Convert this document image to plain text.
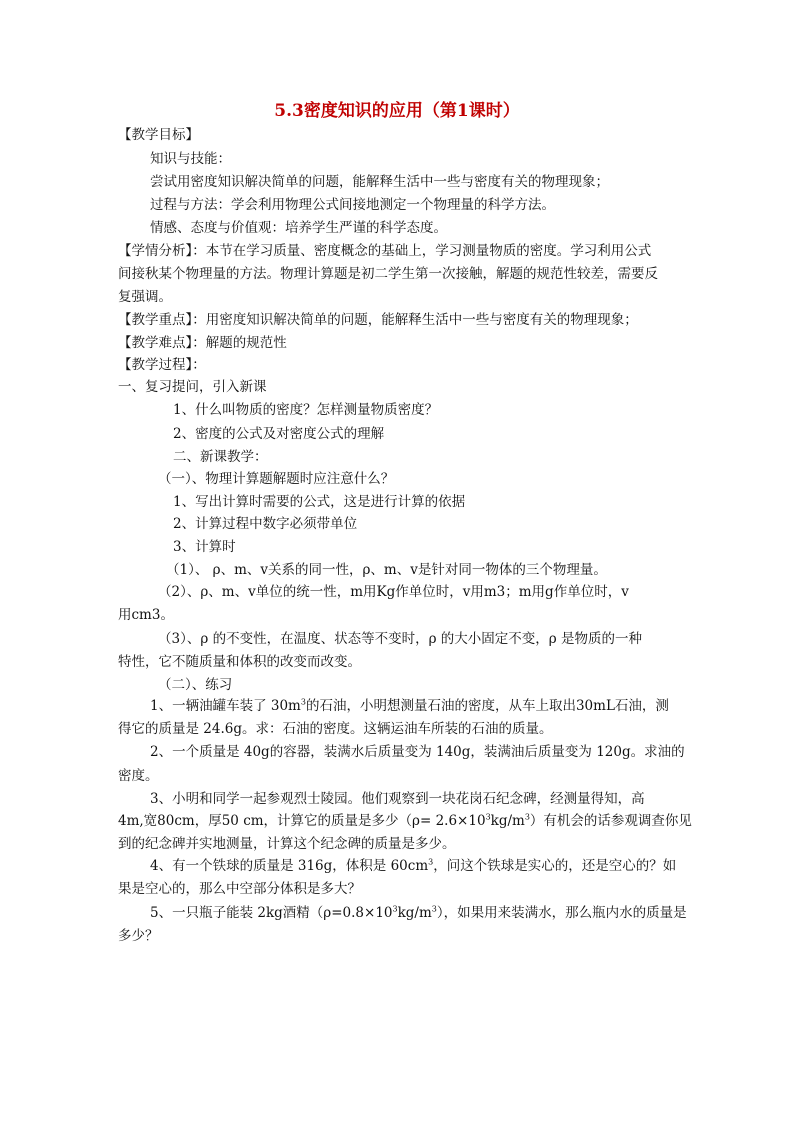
5.3密度知识的应用（第1课时）
【教学目标】
知识与技能：
尝试用密度知识解决简单的问题，能解释生活中一些与密度有关的物理现象；
过程与方法：学会利用物理公式间接地测定一个物理量的科学方法。
情感、态度与价值观：培养学生严谨的科学态度。
【学情分析】：本节在学习质量、密度概念的基础上，学习测量物质的密度。学习利用公式
间接秋某个物理量的方法。物理计算题是初二学生第一次接触，解题的规范性较差，需要反
复强调。
【教学重点】：用密度知识解决简单的问题，能解释生活中一些与密度有关的物理现象；
【教学难点】：解题的规范性
【教学过程】：
一、复习提问，引入新课
1、什么叫物质的密度？怎样测量物质密度？
2、密度的公式及对密度公式的理解
二、新课教学：
（一）、物理计算题解题时应注意什么？
1、写出计算时需要的公式，这是进行计算的依据
2、计算过程中数字必须带单位
3、计算时
（1）、 ρ、m、v关系的同一性，ρ、m、v是针对同一物体的三个物理量。
（2）、ρ、m、v单位的统一性，m用Kg作单位时，v用m3；m用g作单位时，v
用cm3。
（3）、ρ 的不变性，在温度、状态等不变时，ρ 的大小固定不变，ρ 是物质的一种
特性，它不随质量和体积的改变而改变。
（二）、练习
1、一辆油罐车装了 $30m^3$的石油，小明想测量石油的密度，从车上取出30mL石油，测
得它的质量是 24.6g。求：石油的密度。这辆运油车所装的石油的质量。
2、一个质量是 40g的容器，装满水后质量变为 140g，装满油后质量变为 120g。求油的
密度。
3、小明和同学一起参观烈士陵园。他们观察到一块花岗石纪念碑，经测量得知，高
4m,宽80cm，厚50 cm，计算它的质量是多少$(\rho= 2.6\times 10^3kg/m^3)$有机会的话参观调查你见
到的纪念碑并实地测量，计算这个纪念碑的质量是多少。
4、有一个铁球的质量是 316g，体积是 $60cm^3$，问这个铁球是实心的，还是空心的？如
果是空心的，那么中空部分体积是多大？
5、一只瓶子能装 2kg酒精$(\rho=0.8\times 10^3kg/m^3)$，如果用来装满水，那么瓶内水的质量是
多少？
